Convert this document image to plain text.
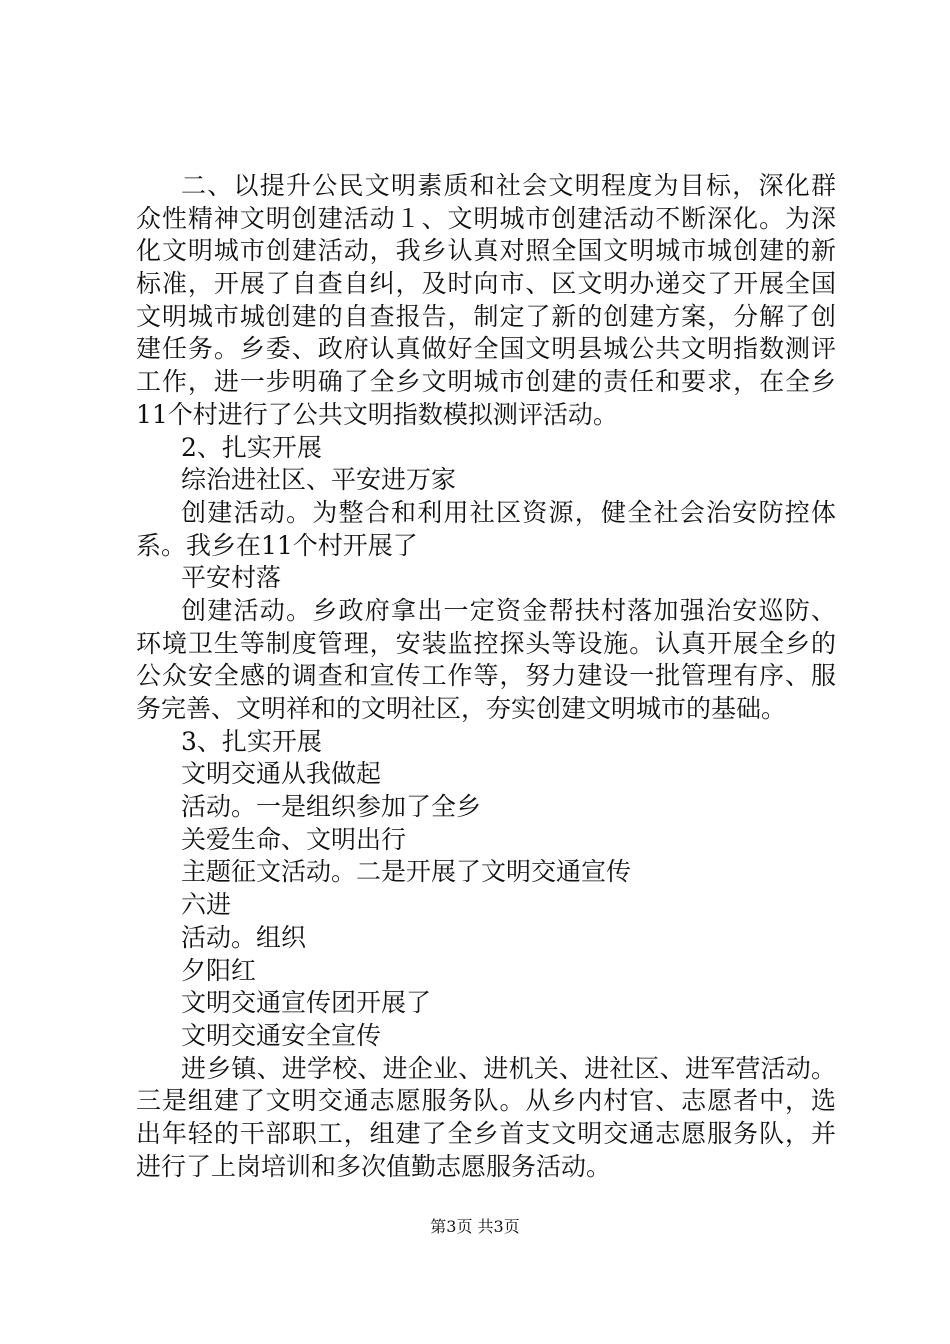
二、以提升公民文明素质和社会文明程度为目标，深化群
众性精神文明创建活动１、文明城市创建活动不断深化。为深
化文明城市创建活动，我乡认真对照全国文明城市城创建的新
标准，开展了自查自纠，及时向市、区文明办递交了开展全国
文明城市城创建的自查报告，制定了新的创建方案，分解了创
建任务。乡委、政府认真做好全国文明县城公共文明指数测评
工作，进一步明确了全乡文明城市创建的责任和要求，在全乡
11个村进行了公共文明指数模拟测评活动。
2、扎实开展
综治进社区、平安进万家
创建活动。为整合和利用社区资源，健全社会治安防控体
系。我乡在11个村开展了
平安村落
创建活动。乡政府拿出一定资金帮扶村落加强治安巡防、
环境卫生等制度管理，安装监控探头等设施。认真开展全乡的
公众安全感的调查和宣传工作等，努力建设一批管理有序、服
务完善、文明祥和的文明社区，夯实创建文明城市的基础。
3、扎实开展
文明交通从我做起
活动。一是组织参加了全乡
关爱生命、文明出行
主题征文活动。二是开展了文明交通宣传
六进
活动。组织
夕阳红
文明交通宣传团开展了
文明交通安全宣传
进乡镇、进学校、进企业、进机关、进社区、进军营活动。
三是组建了文明交通志愿服务队。从乡内村官、志愿者中，选
出年轻的干部职工，组建了全乡首支文明交通志愿服务队，并
进行了上岗培训和多次值勤志愿服务活动。
第3页 共3页
